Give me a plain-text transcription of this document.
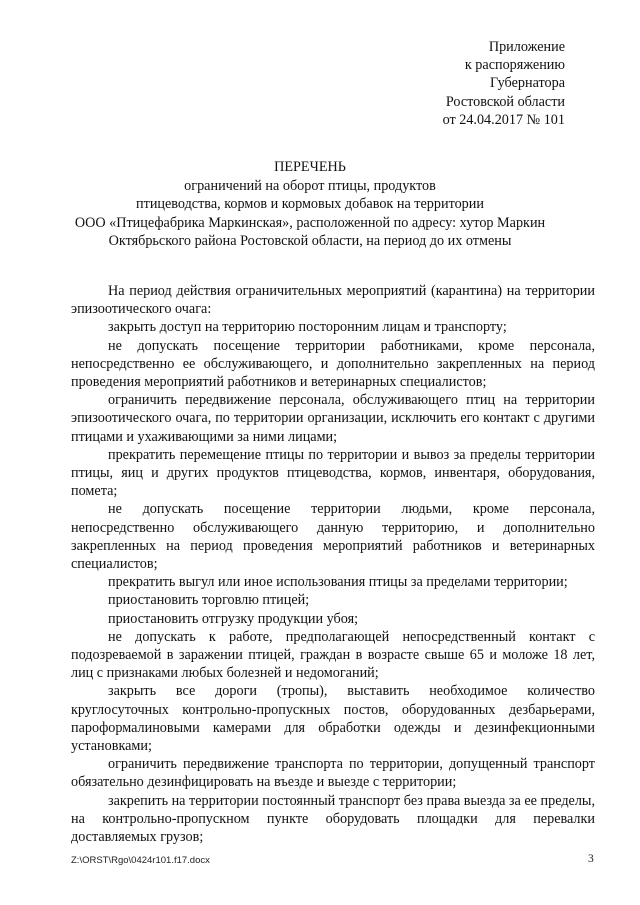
Приложение
к распоряжению
Губернатора
Ростовской области
от 24.04.2017 № 101
ПЕРЕЧЕНЬ
ограничений на оборот птицы, продуктов
птицеводства, кормов и кормовых добавок на территории
ООО «Птицефабрика Маркинская», расположенной по адресу: хутор Маркин
Октябрьского района Ростовской области, на период до их отмены

На период действия ограничительных мероприятий (карантина) на территории эпизоотического очага:

закрыть доступ на территорию посторонним лицам и транспорту;

не допускать посещение территории работниками, кроме персонала, непосредственно ее обслуживающего, и дополнительно закрепленных на период проведения мероприятий работников и ветеринарных специалистов;

ограничить передвижение персонала, обслуживающего птиц на территории эпизоотического очага, по территории организации, исключить его контакт с другими птицами и ухаживающими за ними лицами;

прекратить перемещение птицы по территории и вывоз за пределы территории птицы, яиц и других продуктов птицеводства, кормов, инвентаря, оборудования, помета;

не допускать посещение территории людьми, кроме персонала, непосредственно обслуживающего данную территорию, и дополнительно закрепленных на период проведения мероприятий работников и ветеринарных специалистов;

прекратить выгул или иное использования птицы за пределами территории;

приостановить торговлю птицей;

приостановить отгрузку продукции убоя;

не допускать к работе, предполагающей непосредственный контакт с подозреваемой в заражении птицей, граждан в возрасте свыше 65 и моложе 18 лет, лиц с признаками любых болезней и недомоганий;

закрыть все дороги (тропы), выставить необходимое количество круглосуточных контрольно-пропускных постов, оборудованных дезбарьерами, пароформалиновыми камерами для обработки одежды и дезинфекционными установками;

ограничить передвижение транспорта по территории, допущенный транспорт обязательно дезинфицировать на въезде и выезде с территории;

закрепить на территории постоянный транспорт без права выезда за ее пределы, на контрольно-пропускном пункте оборудовать площадки для перевалки доставляемых грузов;

Z:\ORST\Rgo\0424r101.f17.docx	3
